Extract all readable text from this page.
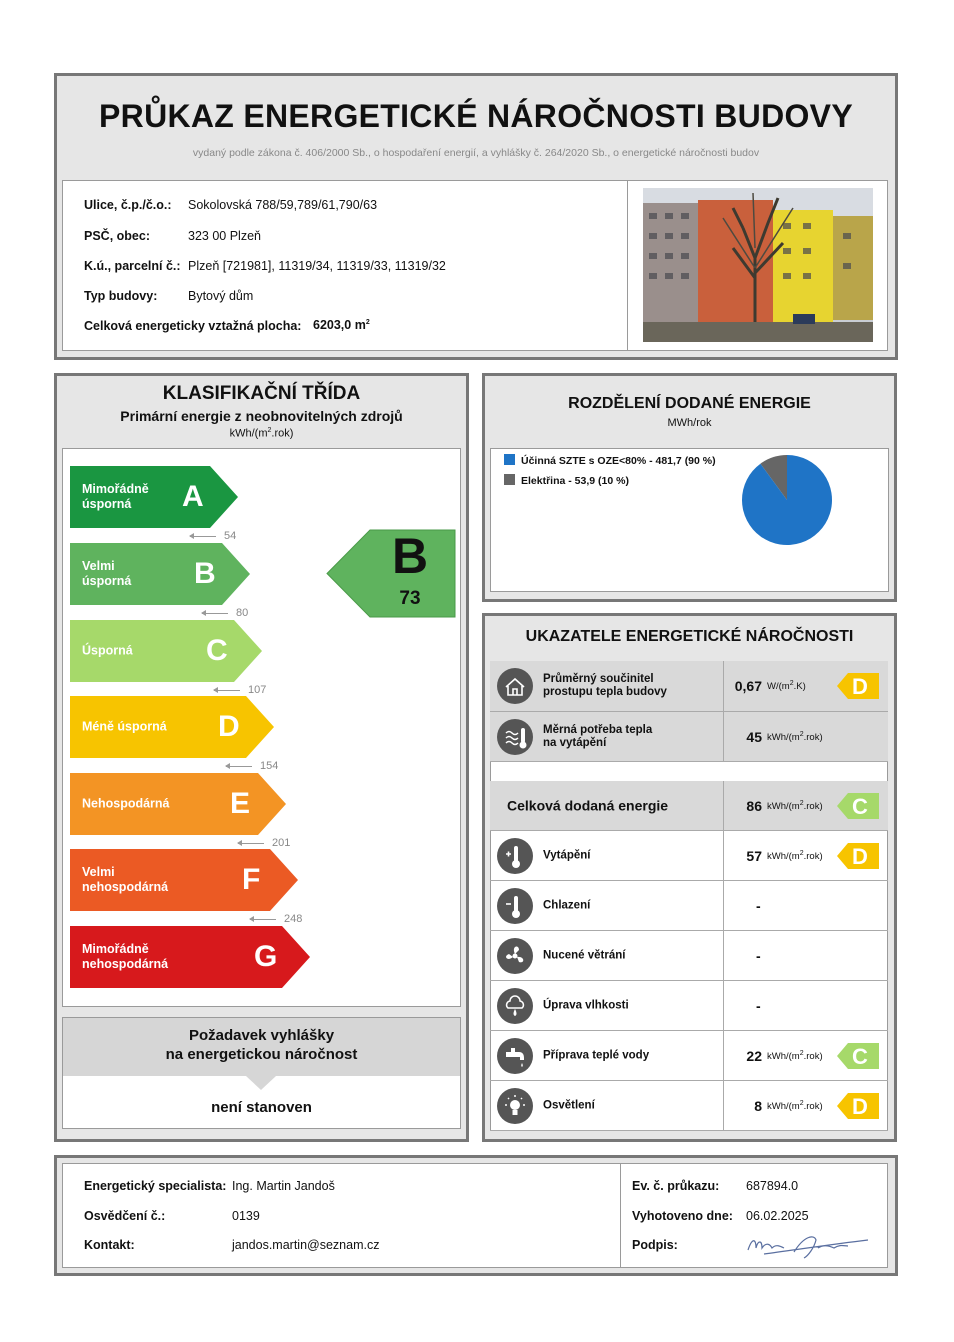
PRŮKAZ ENERGETICKÉ NÁROČNOSTI BUDOVY
vydaný podle zákona č. 406/2000 Sb., o hospodaření energií, a vyhlášky č. 264/2020 Sb., o energetické náročnosti budov
Ulice, č.p./č.o.: Sokolovská 788/59,789/61,790/63
PSČ, obec:	323 00 Plzeň
K.ú., parcelní č.: Plzeň [721981], 11319/34, 11319/33, 11319/32
Typ budovy: Bytový dům
Celková energeticky vztažná plocha: 6203,0 $m^2$
KLASIFIKAČNÍ TŘÍDA
Primární energie z neobnovitelných zdrojů
kWh/$(m^2.rok)$
Mimořádně
úsporná	A
Velmi
úsporná B
Úsporná C
Méně úsporná D
Nehospodárná E
Velmi
nehospodárná F
Mimořádně
nehospodárná	G
54
80
107
154
201
248
B
73
Požadavek vyhlášky
na energetickou náročnost
není stanoven
ROZDĚLENÍ DODANÉ ENERGIE
MWh/rok
Účinná SZTE s OZE<80% - 481,7 (90 %)
Elektřina - 53,9 (10 %)
UKAZATELE ENERGETICKÉ NÁROČNOSTI
Průměrný součinitel
prostupu tepla budovy	0,67 $W/(m^2.K)$ D
Měrná potřeba tepla
na vytápění	45 kWh/$(m^2.rok)$
Celková dodaná energie	86 kWh/$(m^2.rok)$ C
Vytápění	57 kWh/$(m^2.rok)$ D
Chlazení	-
Nucené větrání	-
Úprava vlhkosti	-
Příprava teplé vody	22 kWh/$(m^2.rok)$ C
Osvětlení	8 kWh/$(m^2.rok)$ D
Energetický specialista: Ing. Martin Jandoš
Osvědčení č.:	0139
Kontakt:	jandos.martin@seznam.cz
Ev. č. průkazu: 687894.0
Vyhotoveno dne: 06.02.2025
Podpis:
